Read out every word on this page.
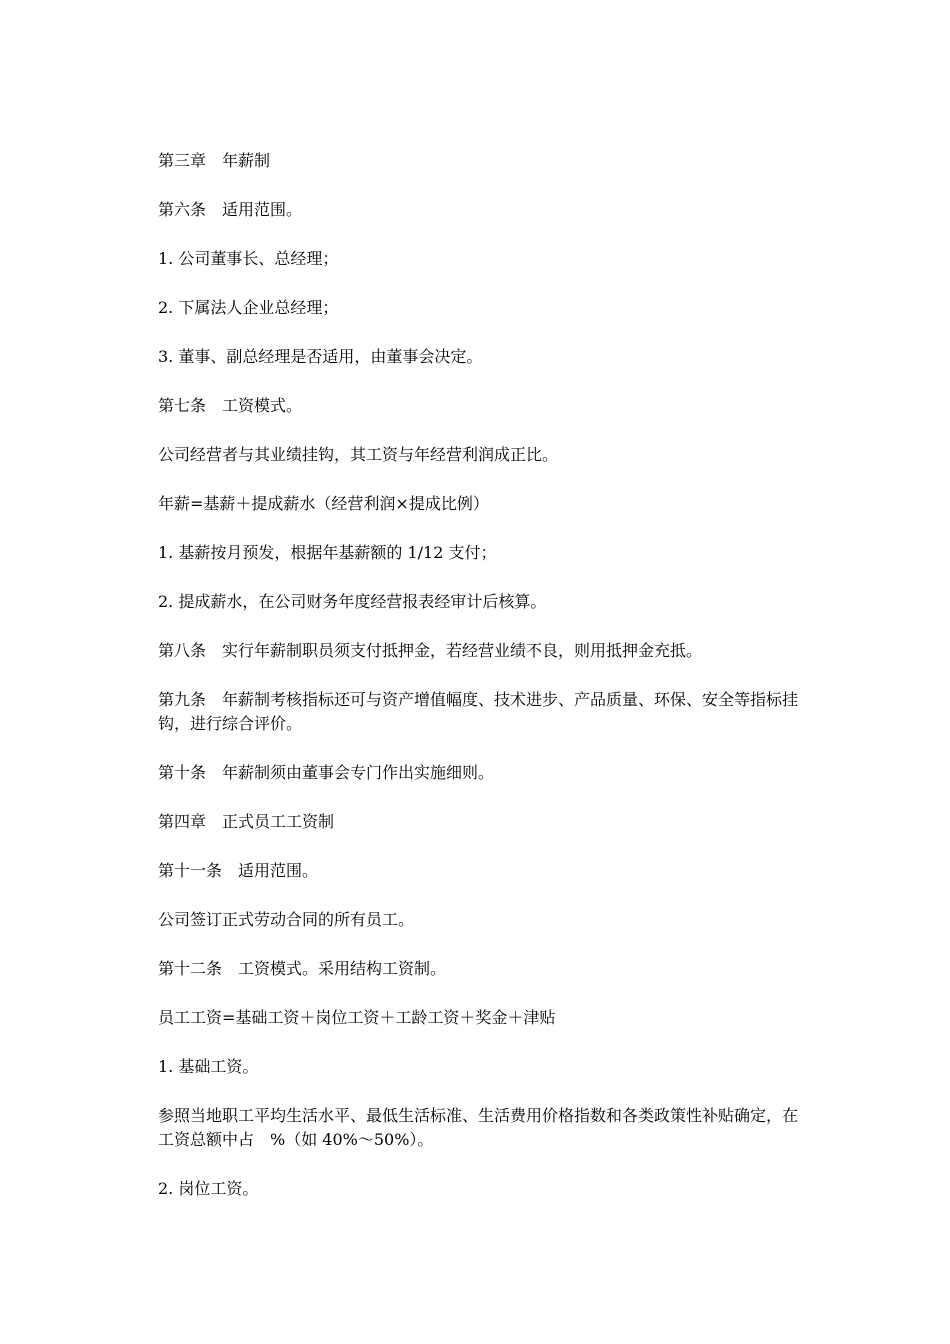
第三章　年薪制

第六条　适用范围。

1. 公司董事长、总经理；

2. 下属法人企业总经理；

3. 董事、副总经理是否适用，由董事会决定。

第七条　工资模式。

公司经营者与其业绩挂钩，其工资与年经营利润成正比。

年薪=基薪＋提成薪水（经营利润×提成比例）

1. 基薪按月预发，根据年基薪额的 1/12 支付；

2. 提成薪水，在公司财务年度经营报表经审计后核算。

第八条　实行年薪制职员须支付抵押金，若经营业绩不良，则用抵押金充抵。

第九条　年薪制考核指标还可与资产增值幅度、技术进步、产品质量、环保、安全等指标挂钩，进行综合评价。

第十条　年薪制须由董事会专门作出实施细则。

第四章　正式员工工资制

第十一条　适用范围。

公司签订正式劳动合同的所有员工。

第十二条　工资模式。采用结构工资制。

员工工资=基础工资＋岗位工资＋工龄工资＋奖金＋津贴

1. 基础工资。

参照当地职工平均生活水平、最低生活标准、生活费用价格指数和各类政策性补贴确定，在工资总额中占　%（如 40%～50%）。

2. 岗位工资。
